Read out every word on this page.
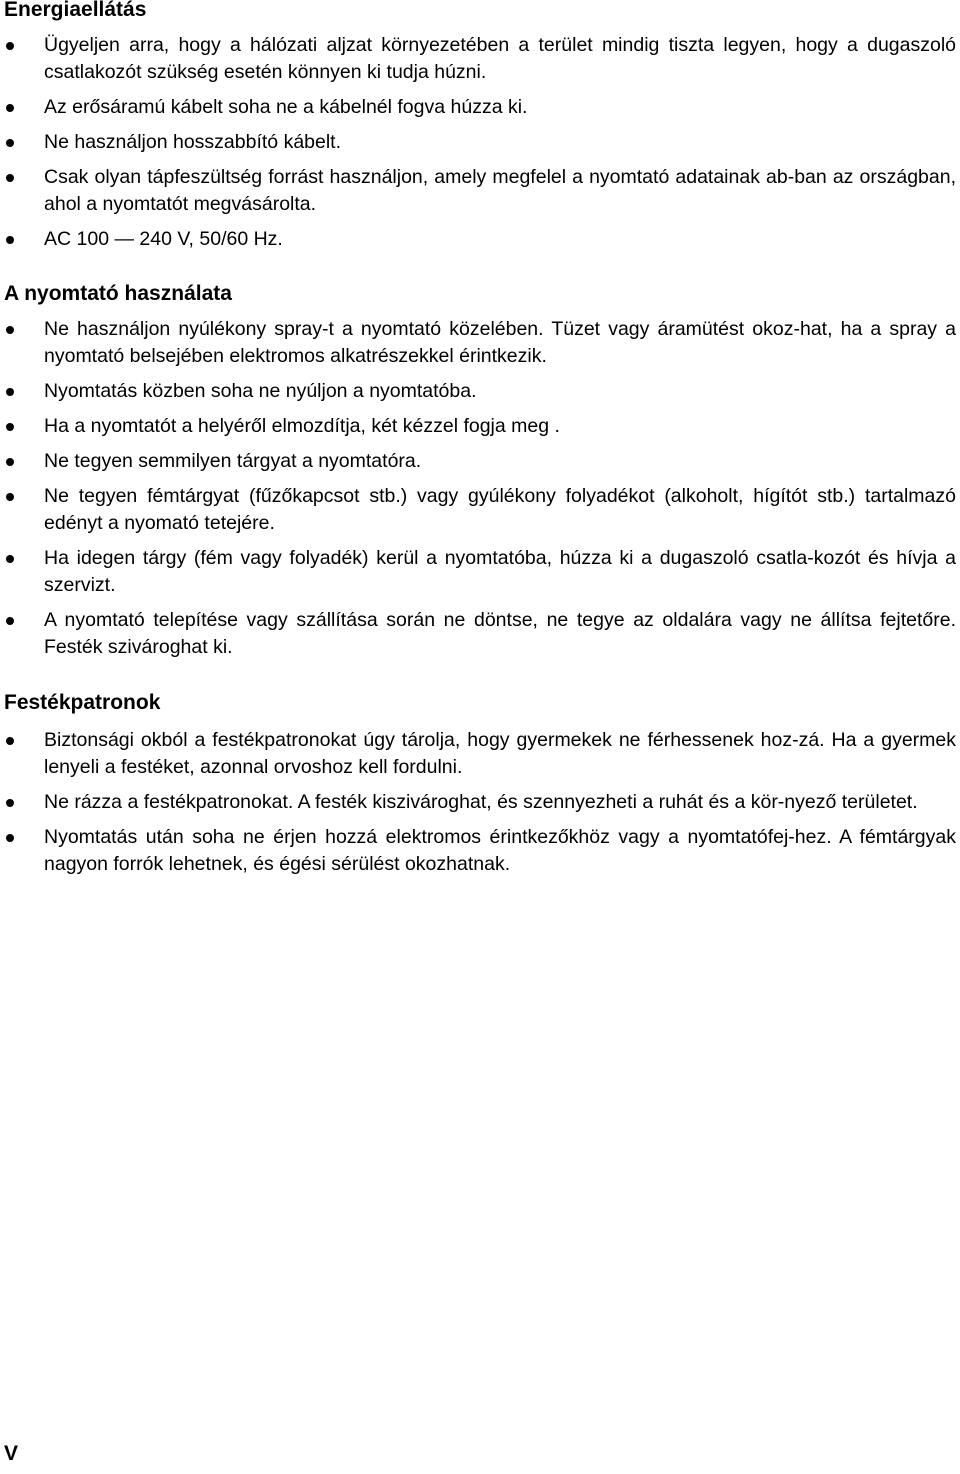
Energiaellátás
Ügyeljen arra, hogy a hálózati aljzat környezetében a terület mindig tiszta legyen, hogy a dugaszoló csatlakozót szükség esetén könnyen ki tudja húzni.
Az erősáramú kábelt soha ne a kábelnél fogva húzza ki.
Ne használjon hosszabbító kábelt.
Csak olyan tápfeszültség forrást használjon, amely megfelel a nyomtató adatainak ab-ban az országban, ahol a nyomtatót megvásárolta.
AC 100 — 240 V, 50/60 Hz.
A nyomtató használata
Ne használjon nyúlékony spray-t a nyomtató közelében. Tüzet vagy áramütést okoz-hat, ha a spray a nyomtató belsejében elektromos alkatrészekkel érintkezik.
Nyomtatás közben soha ne nyúljon a nyomtatóba.
Ha a nyomtatót a helyéről elmozdítja, két kézzel fogja meg .
Ne tegyen semmilyen tárgyat a nyomtatóra.
Ne tegyen fémtárgyat (fűzőkapcsot stb.) vagy gyúlékony folyadékot (alkoholt, hígítót stb.) tartalmazó edényt a nyomató tetejére.
Ha idegen tárgy (fém vagy folyadék) kerül a nyomtatóba, húzza ki a dugaszoló csatla-kozót és hívja a szervizt.
A nyomtató telepítése vagy szállítása során ne döntse, ne tegye az oldalára vagy ne állítsa fejtetőre. Festék szivároghat ki.
Festékpatronok
Biztonsági okból a festékpatronokat úgy tárolja, hogy gyermekek ne férhessenek hoz-zá. Ha a gyermek lenyeli a festéket, azonnal orvoshoz kell fordulni.
Ne rázza a festékpatronokat. A festék kiszivároghat, és szennyezheti a ruhát és a kör-nyező területet.
Nyomtatás után soha ne érjen hozzá elektromos érintkezőkhöz vagy a nyomtatófej-hez. A fémtárgyak nagyon forrók lehetnek, és égési sérülést okozhatnak.
V
